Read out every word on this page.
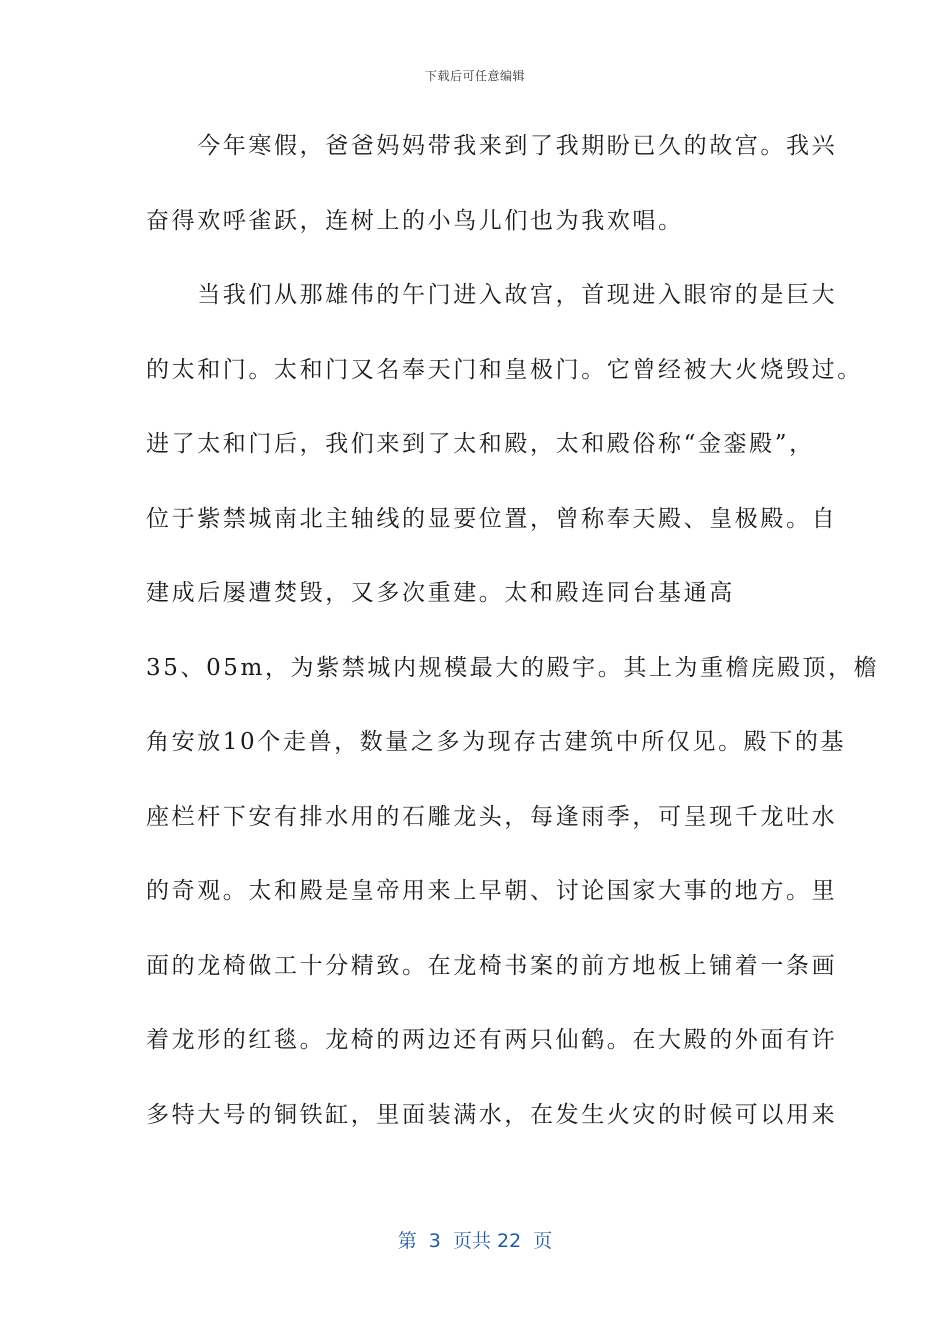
下载后可任意编辑
　　今年寒假，爸爸妈妈带我来到了我期盼已久的故宫。我兴
奋得欢呼雀跃，连树上的小鸟儿们也为我欢唱。
　　当我们从那雄伟的午门进入故宫，首现进入眼帘的是巨大
的太和门。太和门又名奉天门和皇极门。它曾经被大火烧毁过。
进了太和门后，我们来到了太和殿，太和殿俗称“金銮殿”，
位于紫禁城南北主轴线的显要位置，曾称奉天殿、皇极殿。自
建成后屡遭焚毁，又多次重建。太和殿连同台基通高
35、05m，为紫禁城内规模最大的殿宇。其上为重檐庑殿顶，檐
角安放10个走兽，数量之多为现存古建筑中所仅见。殿下的基
座栏杆下安有排水用的石雕龙头，每逢雨季，可呈现千龙吐水
的奇观。太和殿是皇帝用来上早朝、讨论国家大事的地方。里
面的龙椅做工十分精致。在龙椅书案的前方地板上铺着一条画
着龙形的红毯。龙椅的两边还有两只仙鹤。在大殿的外面有许
多特大号的铜铁缸，里面装满水，在发生火灾的时候可以用来
第  3  页共 22  页
